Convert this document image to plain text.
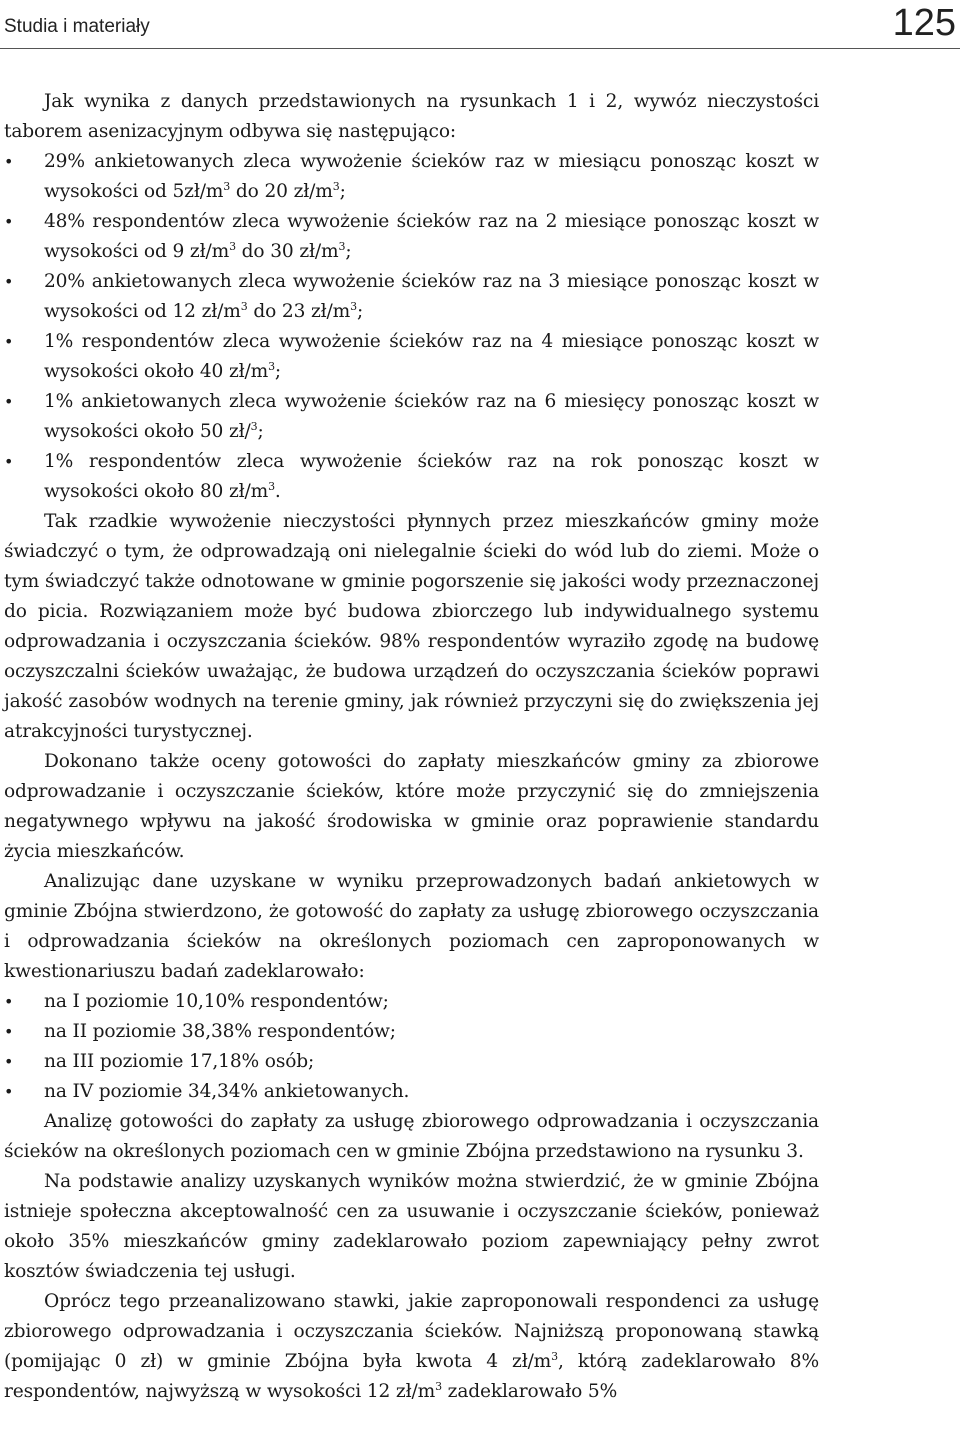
Studia i materiały	125

Jak wynika z danych przedstawionych na rysunkach 1 i 2, wywóz nieczystości taborem asenizacyjnym odbywa się następująco:

• 29% ankietowanych zleca wywożenie ścieków raz w miesiącu ponosząc koszt w wysokości od $5zł/m^3$ do 20 $zł/m^3$;
• 48% respondentów zleca wywożenie ścieków raz na 2 miesiące ponosząc koszt w wysokości od 9 $zł/m^3$ do 30 $zł/m^3$;
• 20% ankietowanych zleca wywożenie ścieków raz na 3 miesiące ponosząc koszt w wysokości od 12 $zł/m^3$ do 23 $zł/m^3$;
• 1% respondentów zleca wywożenie ścieków raz na 4 miesiące ponosząc koszt w wysokości około 40 $zł/m^3$;
• 1% ankietowanych zleca wywożenie ścieków raz na 6 miesięcy ponosząc koszt w wysokości około 50 zł/$^3$;
• 1% respondentów zleca wywożenie ścieków raz na rok ponosząc koszt w wysokości około 80 $zł/m^3$.

Tak rzadkie wywożenie nieczystości płynnych przez mieszkańców gminy może świadczyć o tym, że odprowadzają oni nielegalnie ścieki do wód lub do ziemi. Może o tym świadczyć także odnotowane w gminie pogorszenie się jakości wody przeznaczonej do picia. Rozwiązaniem może być budowa zbiorczego lub indywidualnego systemu odprowadzania i oczyszczania ścieków. 98% respondentów wyraziło zgodę na budowę oczyszczalni ścieków uważając, że budowa urządzeń do oczyszczania ścieków poprawi jakość zasobów wodnych na terenie gminy, jak również przyczyni się do zwiększenia jej atrakcyjności turystycznej.

Dokonano także oceny gotowości do zapłaty mieszkańców gminy za zbiorowe odprowadzanie i oczyszczanie ścieków, które może przyczynić się do zmniejszenia negatywnego wpływu na jakość środowiska w gminie oraz poprawienie standardu życia mieszkańców.

Analizując dane uzyskane w wyniku przeprowadzonych badań ankietowych w gminie Zbójna stwierdzono, że gotowość do zapłaty za usługę zbiorowego oczyszczania i odprowadzania ścieków na określonych poziomach cen zaproponowanych w kwestionariuszu badań zadeklarowało:

• na I poziomie 10,10% respondentów;
• na II poziomie 38,38% respondentów;
• na III poziomie 17,18% osób;
• na IV poziomie 34,34% ankietowanych.

Analizę gotowości do zapłaty za usługę zbiorowego odprowadzania i oczyszczania ścieków na określonych poziomach cen w gminie Zbójna przedstawiono na rysunku 3.

Na podstawie analizy uzyskanych wyników można stwierdzić, że w gminie Zbójna istnieje społeczna akceptowalność cen za usuwanie i oczyszczanie ścieków, ponieważ około 35% mieszkańców gminy zadeklarowało poziom zapewniający pełny zwrot kosztów świadczenia tej usługi.

Oprócz tego przeanalizowano stawki, jakie zaproponowali respondenci za usługę zbiorowego odprowadzania i oczyszczania ścieków. Najniższą proponowaną stawką (pomijając 0 zł) w gminie Zbójna była kwota 4 $zł/m^3$, którą zadeklarowało 8% respondentów, najwyższą w wysokości 12 $zł/m^3$ zadeklarowało 5%
